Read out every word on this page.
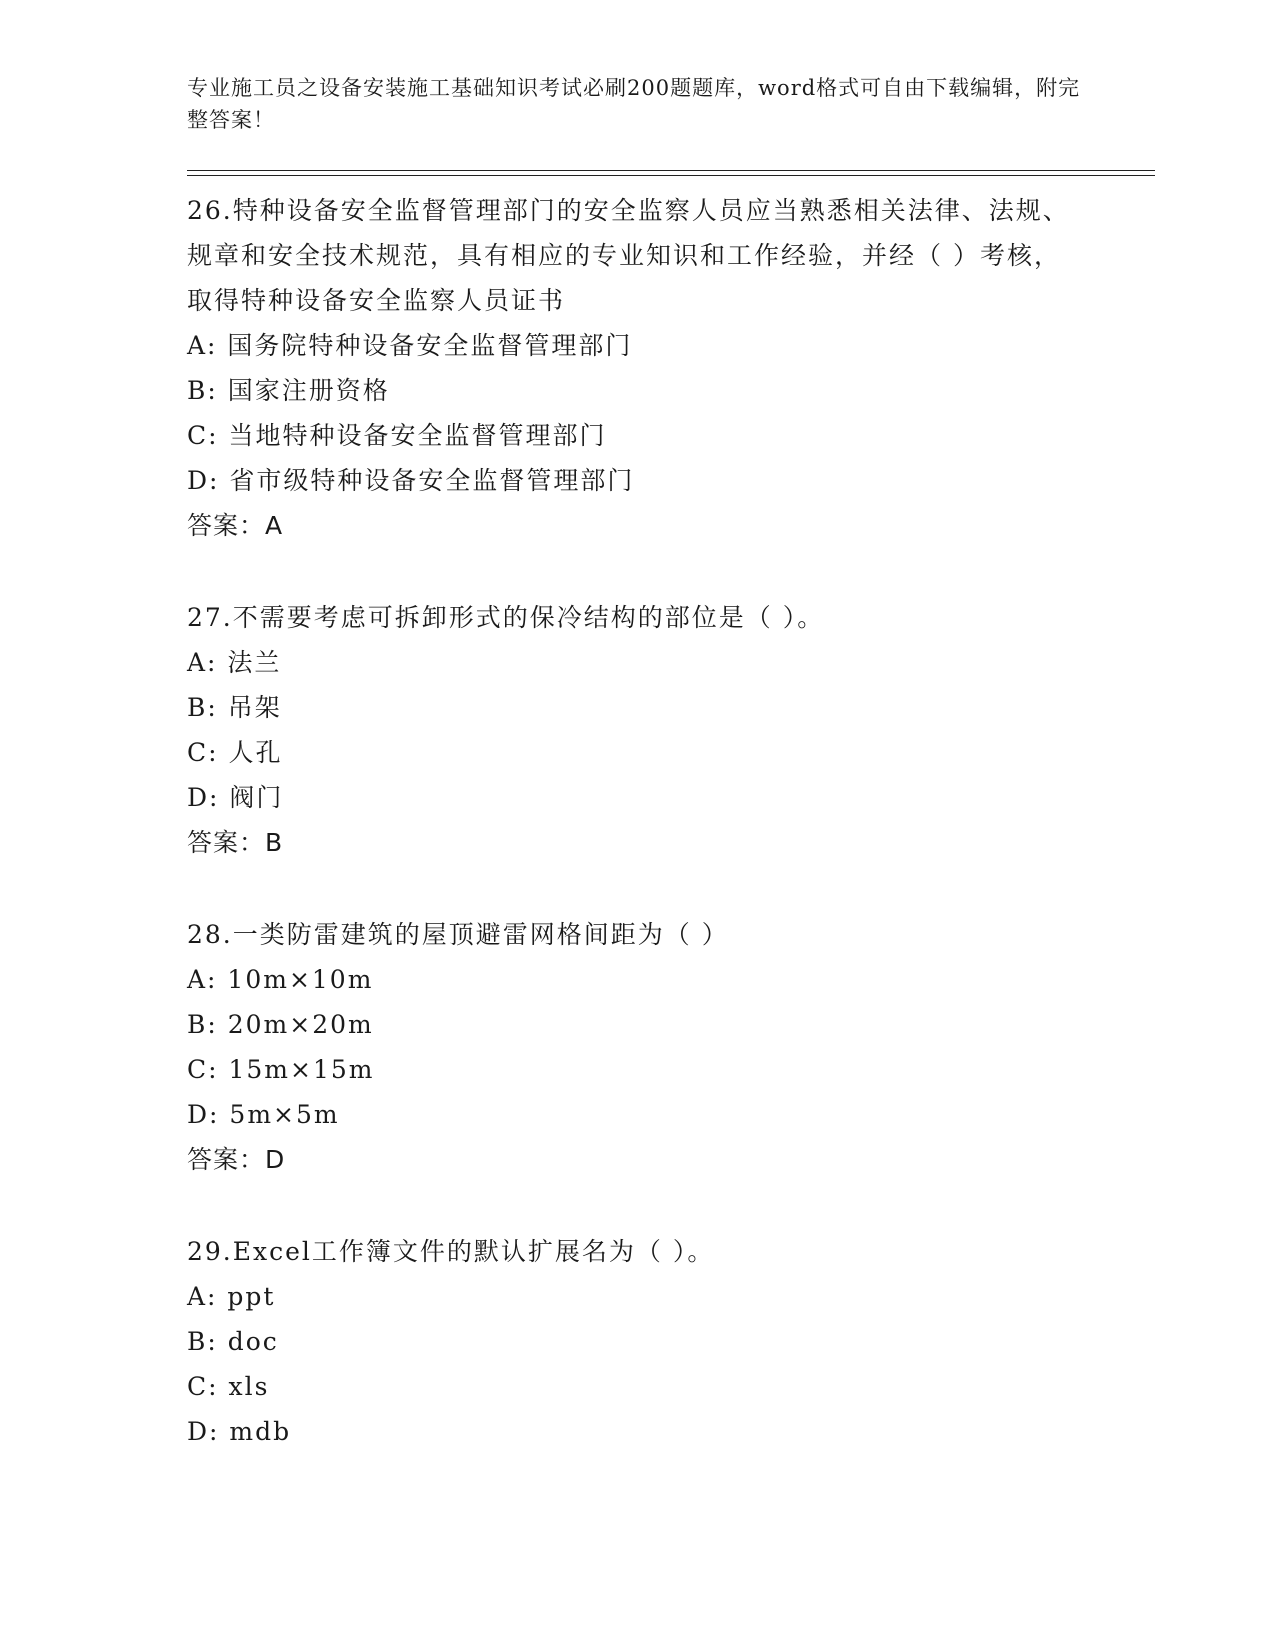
专业施工员之设备安装施工基础知识考试必刷200题题库，word格式可自由下载编辑，附完整答案！

26.特种设备安全监督管理部门的安全监察人员应当熟悉相关法律、法规、规章和安全技术规范，具有相应的专业知识和工作经验，并经（ ）考核，取得特种设备安全监察人员证书

A: 国务院特种设备安全监督管理部门

B: 国家注册资格

C: 当地特种设备安全监督管理部门

D: 省市级特种设备安全监督管理部门

答案：A

27.不需要考虑可拆卸形式的保冷结构的部位是（ ）。

A: 法兰

B: 吊架

C: 人孔

D: 阀门

答案：B

28.一类防雷建筑的屋顶避雷网格间距为（ ）

A: 10m×10m

B: 20m×20m

C: 15m×15m

D: 5m×5m

答案：D

29.Excel工作簿文件的默认扩展名为（ ）。

A: ppt

B: doc

C: xls

D: mdb
